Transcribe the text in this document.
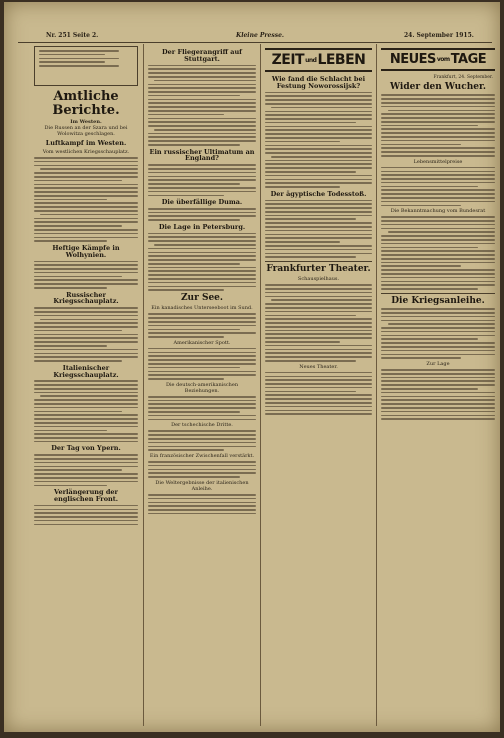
Nr. 251 Seite 2.	Kleine Presse.	24. September 1915.
Amtliche Berichte.
Im Westen.
Die Russen an der Szara und bei Wolowitza geschlagen.
Luftkampf im Westen.
Vom westlichen Kriegsschauplatz.
Heftige Kämpfe in Wolhynien.
Russischer Kriegsschauplatz.
Italienischer Kriegsschauplatz.
Der Tag von Ypern.
Verlängerung der englischen Front.
Der Fliegerangriff auf Stuttgart.
Ein russischer Ultimatum an England?
Die überfällige Duma.
Die Lage in Petersburg.
Zur See.
Ein kanadisches Unterseeboot im Sund.
Amerikanischer Spott.
Die deutsch-amerikanischen Beziehungen.
Der tschechische Dritte.
Ein französischer Zwischenfall verstärkt.
Die Weltergebnisse der italienischen Anleihe.
ZEIT und LEBEN
Wie fand die Schlacht bei Festung Noworossijsk?
Der ägyptische Todesstoß.
Frankfurter Theater.
Schauspielhaus.
Neues Theater.
NEUES vom TAGE
Frankfurt, 24. September.
Wider den Wucher.
Lebensmittelpreise
Die Bekanntmachung vom Bundesrat
Die Kriegsanleihe.
Zur Lage
